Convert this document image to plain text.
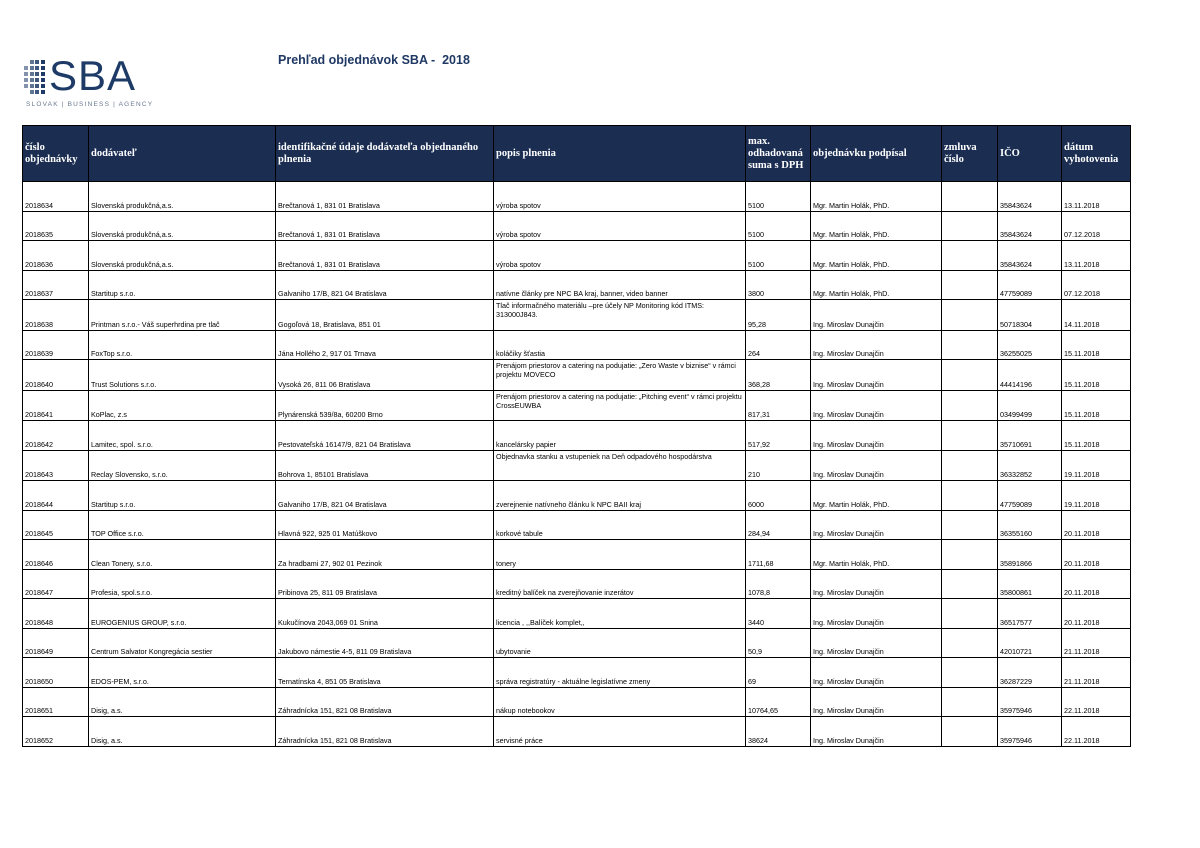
SBA
SLOVAK | BUSINESS | AGENCY
Prehľad objednávok SBA -  2018
číslo objednávky	dodávateľ	identifikačné údaje dodávateľa objednaného plnenia	popis plnenia	max. odhadovaná suma s DPH	objednávku podpísal	zmluva číslo	IČO	dátum vyhotovenia
2018634	Slovenská produkčná,a.s.	Brečtanová 1, 831 01 Bratislava	výroba spotov	5100	Mgr. Martin Holák, PhD.		35843624	13.11.2018
2018635	Slovenská produkčná,a.s.	Brečtanová 1, 831 01 Bratislava	výroba spotov	5100	Mgr. Martin Holák, PhD.		35843624	07.12.2018
2018636	Slovenská produkčná,a.s.	Brečtanová 1, 831 01 Bratislava	výroba spotov	5100	Mgr. Martin Holák, PhD.		35843624	13.11.2018
2018637	Startitup s.r.o.	Galvaniho 17/B, 821 04 Bratislava	natívne články pre NPC BA kraj, banner, video banner	3800	Mgr. Martin Holák, PhD.		47759089	07.12.2018
2018638	Printman s.r.o.- Váš superhrdina pre tlač	Gogoľová 18, Bratislava, 851 01	Tlač informačného materiálu –pre účely NP Monitoring kód ITMS: 313000J843.	95,28	Ing. Miroslav Dunajčin		50718304	14.11.2018
2018639	FoxTop s.r.o.	Jána Hollého 2, 917 01 Trnava	koláčiky šťastia	264	Ing. Miroslav Dunajčin		36255025	15.11.2018
2018640	Trust Solutions s.r.o.	Vysoká 26, 811 06 Bratislava	Prenájom priestorov a catering na podujatie: „Zero Waste v biznise“ v rámci projektu MOVECO	368,28	Ing. Miroslav Dunajčin		44414196	15.11.2018
2018641	KoPlac, z.s	Plynárenská 539/8a, 60200 Brno	Prenájom priestorov a catering na podujatie: „Pitching event“ v rámci projektu CrossEUWBA	817,31	Ing. Miroslav Dunajčin		03499499	15.11.2018
2018642	Lamitec, spol. s.r.o.	Pestovateľská 16147/9, 821 04 Bratislava	kancelársky papier	517,92	Ing. Miroslav Dunajčin		35710691	15.11.2018
2018643	Reclay Slovensko, s.r.o.	Bohrova 1, 85101 Bratislava	Objednavka stanku a vstupeniek na Deň odpadového hospodárstva	210	Ing. Miroslav Dunajčin		36332852	19.11.2018
2018644	Startitup s.r.o.	Galvaniho 17/B, 821 04 Bratislava	zverejnenie natívneho článku k NPC BAII kraj	6000	Mgr. Martin Holák, PhD.		47759089	19.11.2018
2018645	TOP Office s.r.o.	Hlavná 922, 925 01 Matúškovo	korkové tabule	284,94	Ing. Miroslav Dunajčin		36355160	20.11.2018
2018646	Clean Tonery, s.r.o.	Za hradbami 27, 902 01 Pezinok	tonery	1711,68	Mgr. Martin Holák, PhD.		35891866	20.11.2018
2018647	Profesia, spol.s.r.o.	Pribinova 25, 811 09 Bratislava	kreditný balíček na zverejňovanie inzerátov	1078,8	Ing. Miroslav Dunajčin		35800861	20.11.2018
2018648	EUROGENIUS GROUP, s.r.o.	Kukučínova 2043,069 01 Snina	licencia , ,,Balíček komplet,,	3440	Ing. Miroslav Dunajčin		36517577	20.11.2018
2018649	Centrum Salvator Kongregácia sestier	Jakubovo námestie 4-5, 811 09 Bratislava	ubytovanie	50,9	Ing. Miroslav Dunajčin		42010721	21.11.2018
2018650	EDOS-PEM, s.r.o.	Ternatínska 4, 851 05 Bratislava	správa registratúry - aktuálne legislatívne zmeny	69	Ing. Miroslav Dunajčin		36287229	21.11.2018
2018651	Disig, a.s.	Záhradnícka 151, 821 08 Bratislava	nákup notebookov	10764,65	Ing. Miroslav Dunajčin		35975946	22.11.2018
2018652	Disig, a.s.	Záhradnícka 151, 821 08 Bratislava	servisné práce	38624	Ing. Miroslav Dunajčin		35975946	22.11.2018
